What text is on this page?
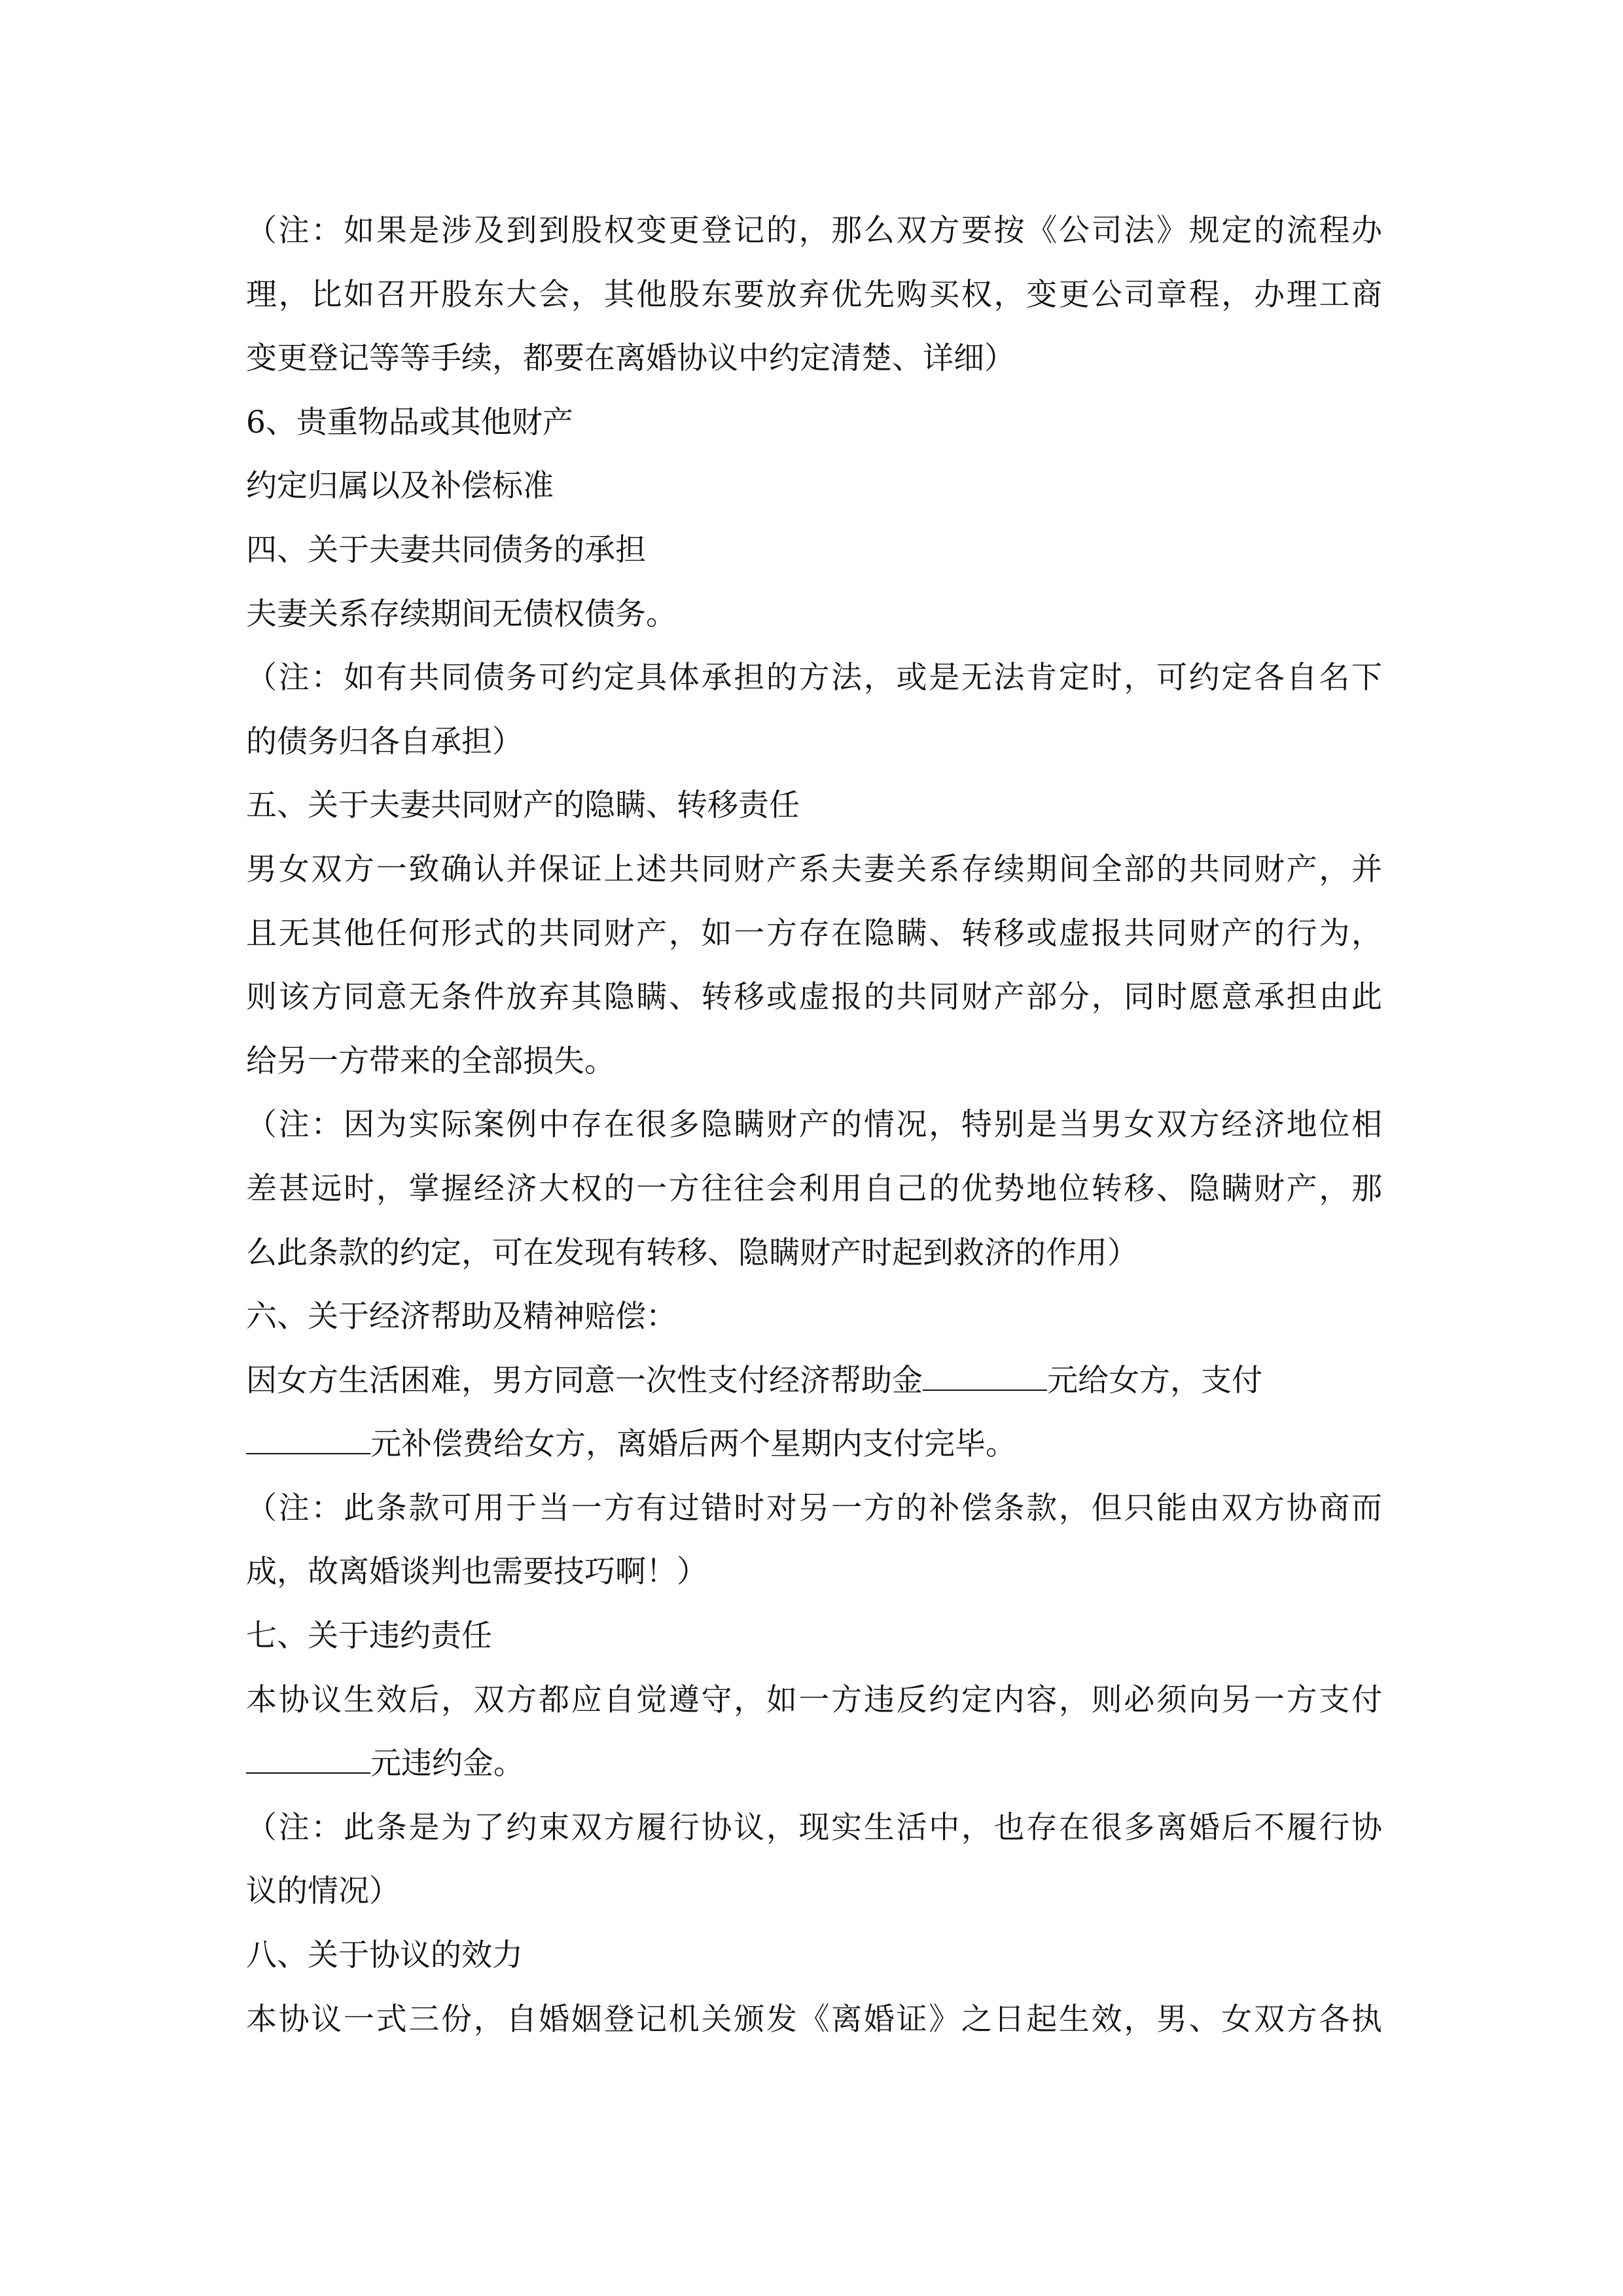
（注：如果是涉及到到股权变更登记的，那么双方要按《公司法》规定的流程办
理，比如召开股东大会，其他股东要放弃优先购买权，变更公司章程，办理工商
变更登记等等手续，都要在离婚协议中约定清楚、详细）
6、贵重物品或其他财产
约定归属以及补偿标准
四、关于夫妻共同债务的承担
夫妻关系存续期间无债权债务。
（注：如有共同债务可约定具体承担的方法，或是无法肯定时，可约定各自名下
的债务归各自承担）
五、关于夫妻共同财产的隐瞒、转移责任
男女双方一致确认并保证上述共同财产系夫妻关系存续期间全部的共同财产，并
且无其他任何形式的共同财产，如一方存在隐瞒、转移或虚报共同财产的行为，
则该方同意无条件放弃其隐瞒、转移或虚报的共同财产部分，同时愿意承担由此
给另一方带来的全部损失。
（注：因为实际案例中存在很多隐瞒财产的情况，特别是当男女双方经济地位相
差甚远时，掌握经济大权的一方往往会利用自己的优势地位转移、隐瞒财产，那
么此条款的约定，可在发现有转移、隐瞒财产时起到救济的作用）
六、关于经济帮助及精神赔偿：
因女方生活困难，男方同意一次性支付经济帮助金	元给女方，支付
元补偿费给女方，离婚后两个星期内支付完毕。
（注：此条款可用于当一方有过错时对另一方的补偿条款，但只能由双方协商而
成，故离婚谈判也需要技巧啊！）
七、关于违约责任
本协议生效后，双方都应自觉遵守，如一方违反约定内容，则必须向另一方支付
元违约金。
（注：此条是为了约束双方履行协议，现实生活中，也存在很多离婚后不履行协
议的情况）
八、关于协议的效力
本协议一式三份，自婚姻登记机关颁发《离婚证》之日起生效，男、女双方各执
